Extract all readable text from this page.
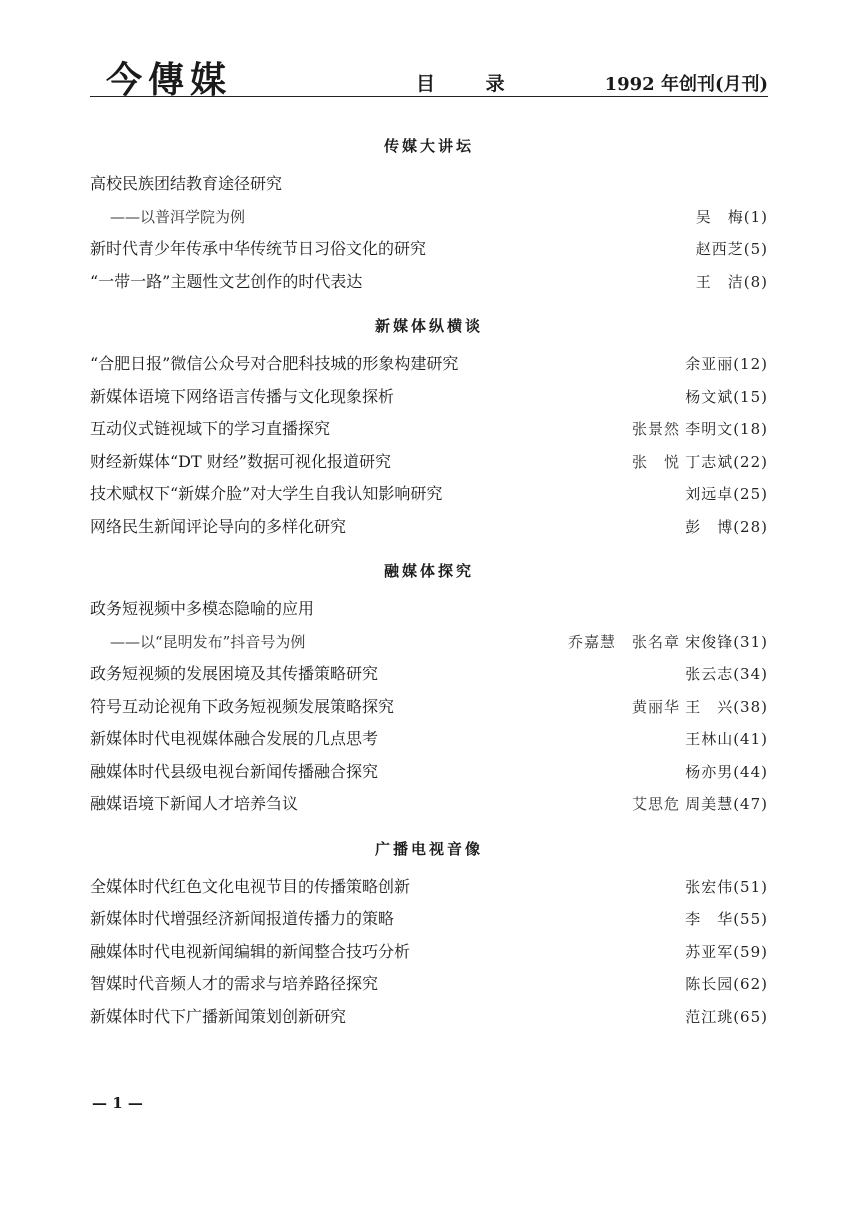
今傳媒	目 录	1992 年创刊(月刊)
传媒大讲坛
高校民族团结教育途径研究
——以普洱学院为例	吴　梅(1)
新时代青少年传承中华传统节日习俗文化的研究	赵西芝(5)
“一带一路”主题性文艺创作的时代表达	王　洁(8)
新媒体纵横谈
“合肥日报”微信公众号对合肥科技城的形象构建研究	余亚丽(12)
新媒体语境下网络语言传播与文化现象探析	杨文斌(15)
互动仪式链视域下的学习直播探究	张景然 李明文(18)
财经新媒体“DT 财经”数据可视化报道研究	张　悦 丁志斌(22)
技术赋权下“新媒介脸”对大学生自我认知影响研究	刘远卓(25)
网络民生新闻评论导向的多样化研究	彭　博(28)
融媒体探究
政务短视频中多模态隐喻的应用
——以“昆明发布”抖音号为例	乔嘉慧　张名章 宋俊锋(31)
政务短视频的发展困境及其传播策略研究	张云志(34)
符号互动论视角下政务短视频发展策略探究	黄丽华 王　兴(38)
新媒体时代电视媒体融合发展的几点思考	王林山(41)
融媒体时代县级电视台新闻传播融合探究	杨亦男(44)
融媒语境下新闻人才培养刍议	艾思危 周美慧(47)
广播电视音像
全媒体时代红色文化电视节目的传播策略创新	张宏伟(51)
新媒体时代增强经济新闻报道传播力的策略	李　华(55)
融媒体时代电视新闻编辑的新闻整合技巧分析	苏亚军(59)
智媒时代音频人才的需求与培养路径探究	陈长园(62)
新媒体时代下广播新闻策划创新研究	范江珧(65)
— 1 —
